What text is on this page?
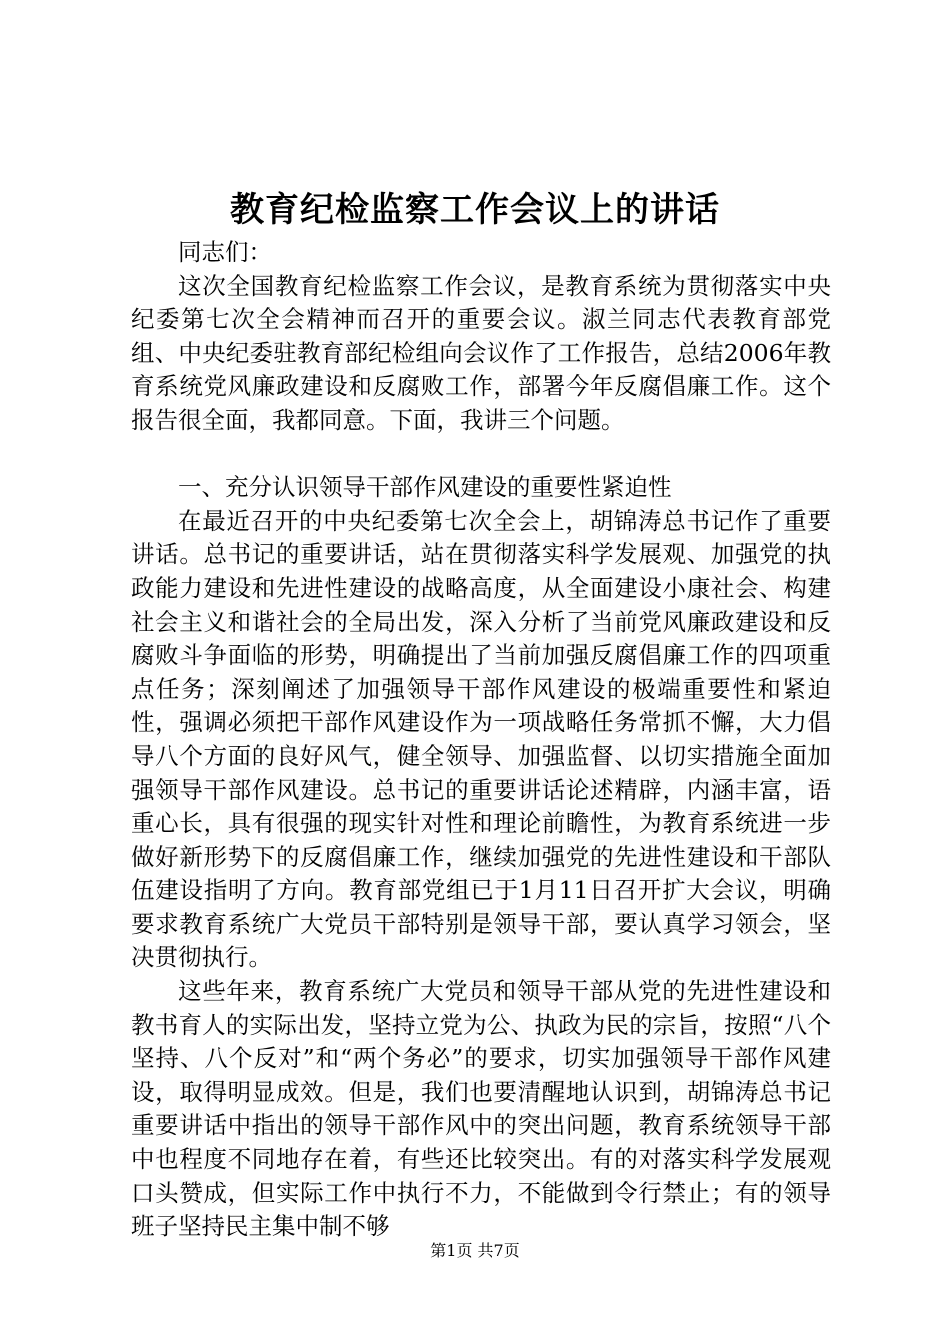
教育纪检监察工作会议上的讲话

同志们：

这次全国教育纪检监察工作会议，是教育系统为贯彻落实中央纪委第七次全会精神而召开的重要会议。淑兰同志代表教育部党组、中央纪委驻教育部纪检组向会议作了工作报告，总结2006年教育系统党风廉政建设和反腐败工作，部署今年反腐倡廉工作。这个报告很全面，我都同意。下面，我讲三个问题。

一、充分认识领导干部作风建设的重要性紧迫性

在最近召开的中央纪委第七次全会上，胡锦涛总书记作了重要讲话。总书记的重要讲话，站在贯彻落实科学发展观、加强党的执政能力建设和先进性建设的战略高度，从全面建设小康社会、构建社会主义和谐社会的全局出发，深入分析了当前党风廉政建设和反腐败斗争面临的形势，明确提出了当前加强反腐倡廉工作的四项重点任务；深刻阐述了加强领导干部作风建设的极端重要性和紧迫性，强调必须把干部作风建设作为一项战略任务常抓不懈，大力倡导八个方面的良好风气，健全领导、加强监督、以切实措施全面加强领导干部作风建设。总书记的重要讲话论述精辟，内涵丰富，语重心长，具有很强的现实针对性和理论前瞻性，为教育系统进一步做好新形势下的反腐倡廉工作，继续加强党的先进性建设和干部队伍建设指明了方向。教育部党组已于1月11日召开扩大会议，明确要求教育系统广大党员干部特别是领导干部，要认真学习领会，坚决贯彻执行。

这些年来，教育系统广大党员和领导干部从党的先进性建设和教书育人的实际出发，坚持立党为公、执政为民的宗旨，按照“八个坚持、八个反对”和“两个务必”的要求，切实加强领导干部作风建设，取得明显成效。但是，我们也要清醒地认识到，胡锦涛总书记重要讲话中指出的领导干部作风中的突出问题，教育系统领导干部中也程度不同地存在着，有些还比较突出。有的对落实科学发展观口头赞成，但实际工作中执行不力，不能做到令行禁止；有的领导班子坚持民主集中制不够

第1页 共7页
